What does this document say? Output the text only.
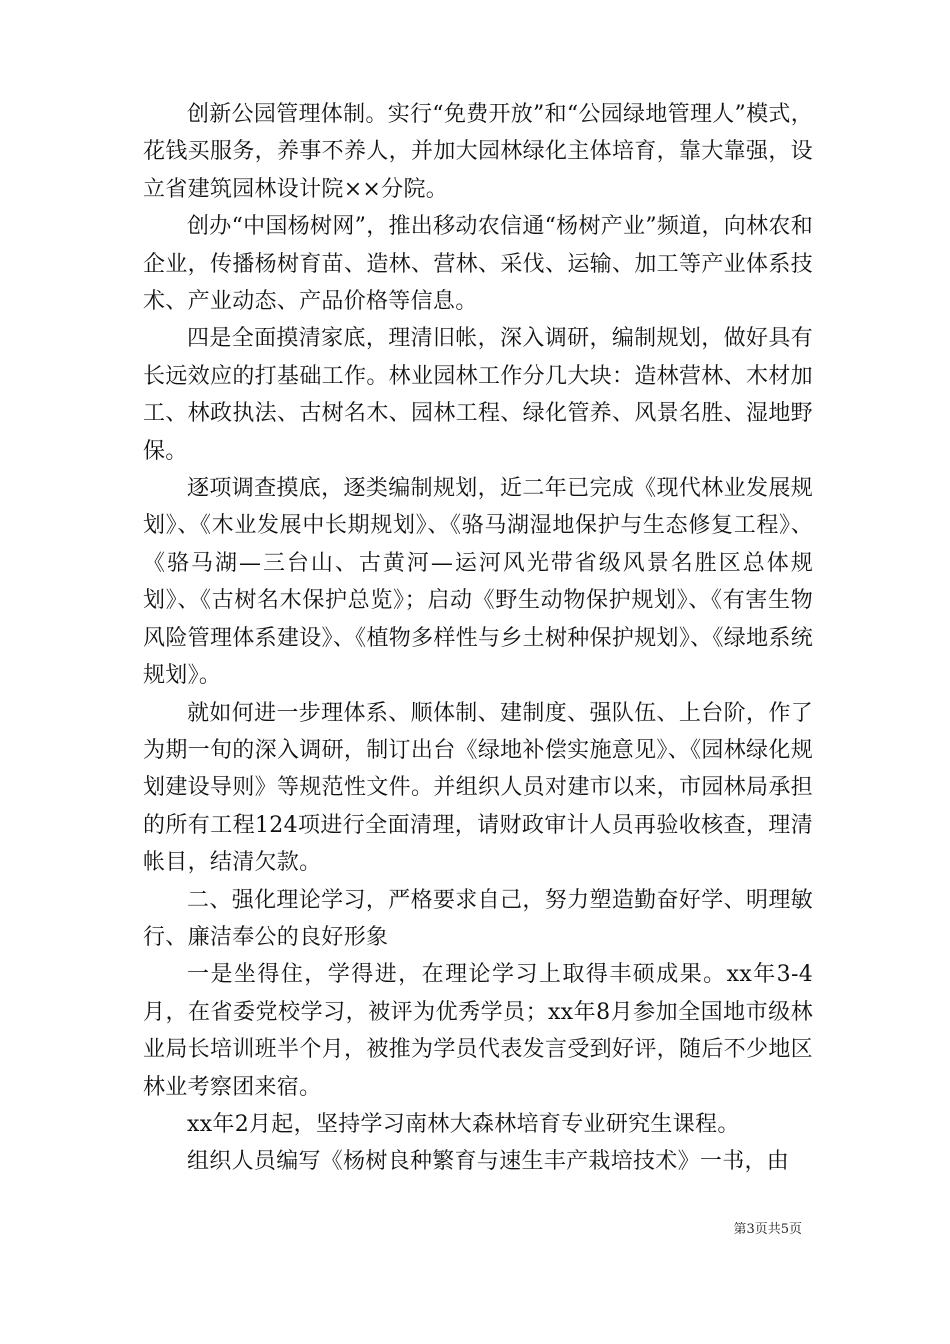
创新公园管理体制。实行“免费开放”和“公园绿地管理人”模式，花钱买服务，养事不养人，并加大园林绿化主体培育，靠大靠强，设立省建筑园林设计院××分院。

创办“中国杨树网”，推出移动农信通“杨树产业”频道，向林农和企业，传播杨树育苗、造林、营林、采伐、运输、加工等产业体系技术、产业动态、产品价格等信息。

四是全面摸清家底，理清旧帐，深入调研，编制规划，做好具有长远效应的打基础工作。林业园林工作分几大块：造林营林、木材加工、林政执法、古树名木、园林工程、绿化管养、风景名胜、湿地野保。

逐项调查摸底，逐类编制规划，近二年已完成《现代林业发展规划》、《木业发展中长期规划》、《骆马湖湿地保护与生态修复工程》、《骆马湖—三台山、古黄河—运河风光带省级风景名胜区总体规划》、《古树名木保护总览》；启动《野生动物保护规划》、《有害生物风险管理体系建设》、《植物多样性与乡土树种保护规划》、《绿地系统规划》。

就如何进一步理体系、顺体制、建制度、强队伍、上台阶，作了为期一旬的深入调研，制订出台《绿地补偿实施意见》、《园林绿化规划建设导则》等规范性文件。并组织人员对建市以来，市园林局承担的所有工程124项进行全面清理，请财政审计人员再验收核查，理清帐目，结清欠款。

二、强化理论学习，严格要求自己，努力塑造勤奋好学、明理敏行、廉洁奉公的良好形象

一是坐得住，学得进，在理论学习上取得丰硕成果。xx年3-4月，在省委党校学习，被评为优秀学员；xx年8月参加全国地市级林业局长培训班半个月，被推为学员代表发言受到好评，随后不少地区林业考察团来宿。

xx年2月起，坚持学习南林大森林培育专业研究生课程。

组织人员编写《杨树良种繁育与速生丰产栽培技术》一书，由

第3页共5页
